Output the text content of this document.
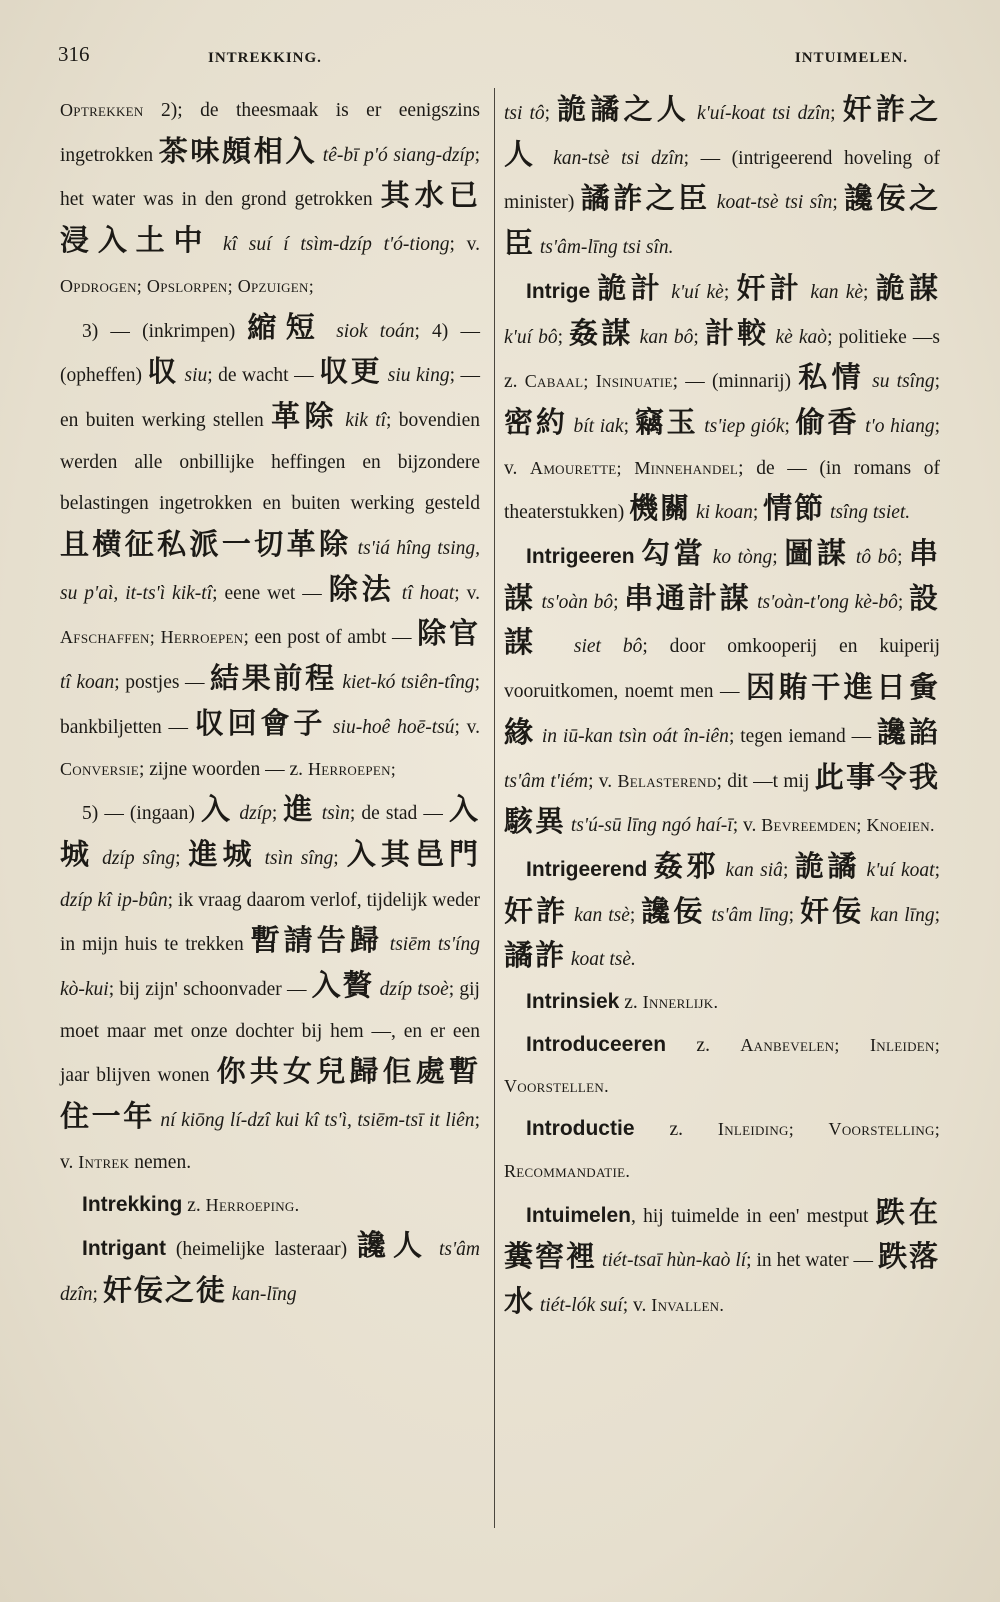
316	INTREKKING.	INTUIMELEN.

Optrekken 2); de theesmaak is er eenigszins ingetrokken 茶味頗相入 tê-bī p'ó siang-dzíp; het water was in den grond getrokken 其水已浸入土中 kî suí í tsìm-dzíp t'ó-tiong; v. Opdrogen; Opslorpen; Opzuigen;

3) — (inkrimpen) 縮短 siok toán; 4) — (opheffen) 収 siu; de wacht — 収更 siu king; — en buiten werking stellen 革除 kik tî; bovendien werden alle onbillijke heffingen en bijzondere belastingen ingetrokken en buiten werking gesteld 且横征私派一切革除 ts'iá hîng tsing, su p'aì, it-ts'ì kik-tî; eene wet — 除法 tî hoat; v. Afschaffen; Herroepen; een post of ambt — 除官 tî koan; postjes — 結果前程 kiet-kó tsiên-tîng; bankbiljetten — 収回會子 siu-hoê hoē-tsú; v. Conversie; zijne woorden — z. Herroepen;

5) — (ingaan) 入 dzíp; 進 tsìn; de stad — 入城 dzíp sîng; 進城 tsìn sîng; 入其邑門 dzíp kî ip-bûn; ik vraag daarom verlof, tijdelijk weder in mijn huis te trekken 暫請告歸 tsiēm ts'íng kò-kui; bij zijn' schoonvader — 入贅 dzíp tsoè; gij moet maar met onze dochter bij hem —, en er een jaar blijven wonen 你共女兒歸佢處暫住一年 ní kiōng lí-dzî kui kî ts'ì, tsiēm-tsī it liên; v. Intrek nemen.

Intrekking z. Herroeping.

Intrigant (heimelijke lasteraar) 讒人 ts'âm dzîn; 奸佞之徒 kan-līng

tsi tô; 詭譎之人 k'uí-koat tsi dzîn; 奸詐之人 kan-tsè tsi dzîn; — (intrigeerend hoveling of minister) 譎詐之臣 koat-tsè tsi sîn; 讒佞之臣 ts'âm-līng tsi sîn.

Intrige 詭計 k'uí kè; 奸計 kan kè; 詭謀 k'uí bô; 姦謀 kan bô; 計較 kè kaò; politieke —s z. Cabaal; Insinuatie; — (minnarij) 私情 su tsîng; 密約 bít iak; 竊玉 ts'iep giók; 偷香 t'o hiang; v. Amourette; Minnehandel; de — (in romans of theaterstukken) 機關 ki koan; 情節 tsîng tsiet.

Intrigeeren 勾當 ko tòng; 圖謀 tô bô; 串謀 ts'oàn bô; 串通計謀 ts'oàn-t'ong kè-bô; 設謀 siet bô; door omkooperij en kuiperij vooruitkomen, noemt men — 因賄干進日夤緣 in iū-kan tsìn oát în-iên; tegen iemand — 讒諂 ts'âm t'iém; v. Belasterend; dit —t mij 此事令我駭異 ts'ú-sū līng ngó haí-ī; v. Bevreemden; Knoeien.

Intrigeerend 姦邪 kan siâ; 詭譎 k'uí koat; 奸詐 kan tsè; 讒佞 ts'âm līng; 奸佞 kan līng; 譎詐 koat tsè.

Intrinsiek z. Innerlijk.

Introduceeren z. Aanbevelen; Inleiden; Voorstellen.

Introductie z. Inleiding; Voorstelling; Recommandatie.

Intuimelen, hij tuimelde in een' mestput 跌在糞窖裡 tiét-tsaī hùn-kaò lí; in het water — 跌落水 tiét-lók suí; v. Invallen.
